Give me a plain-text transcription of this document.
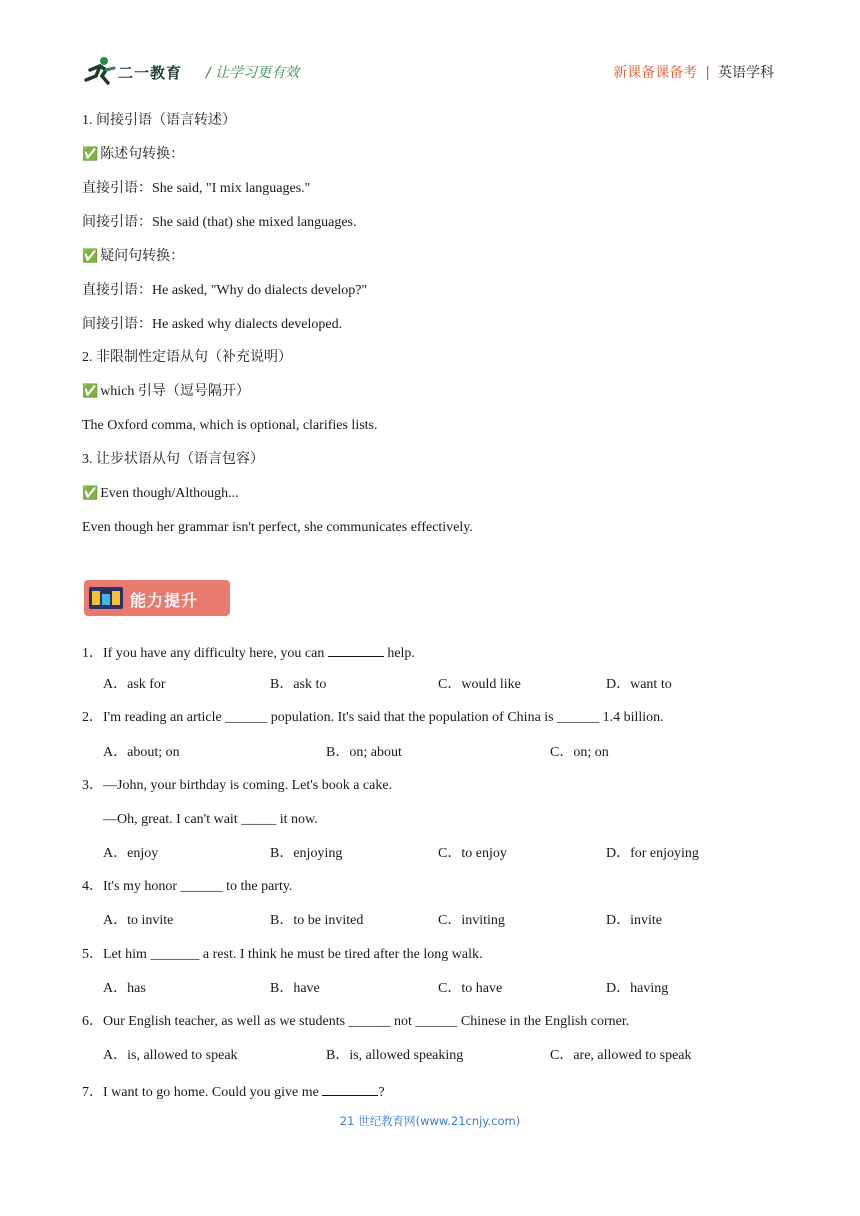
二一教育 / 让学习更有效	新课备课备考 | 英语学科
1. 间接引语（语言转述）
✅ 陈述句转换：
直接引语：She said, "I mix languages."
间接引语：She said (that) she mixed languages.
✅ 疑问句转换：
直接引语：He asked, "Why do dialects develop?"
间接引语：He asked why dialects developed.
2. 非限制性定语从句（补充说明）
✅ which 引导（逗号隔开）
The Oxford comma, which is optional, clarifies lists.
3. 让步状语从句（语言包容）
✅ Even though/Although...
Even though her grammar isn't perfect, she communicates effectively.
能力提升
1．If you have any difficulty here, you can	help.
A．ask for	B．ask to	C．would like	D．want to
2．I'm reading an article ______ population. It's said that the population of China is ______ 1.4 billion.
A．about; on	B．on; about	C．on; on
3．—John, your birthday is coming. Let's book a cake.
—Oh, great. I can't wait _____ it now.
A．enjoy	B．enjoying	C．to enjoy	D．for enjoying
4．It's my honor ______ to the party.
A．to invite	B．to be invited	C．inviting	D．invite
5．Let him _______ a rest. I think he must be tired after the long walk.
A．has	B．have	C．to have	D．having
6．Our English teacher, as well as we students ______ not ______ Chinese in the English corner.
A．is, allowed to speak	B．is, allowed speaking	C．are, allowed to speak
7．I want to go home. Could you give me	?
21 世纪教育网(www.21cnjy.com)
